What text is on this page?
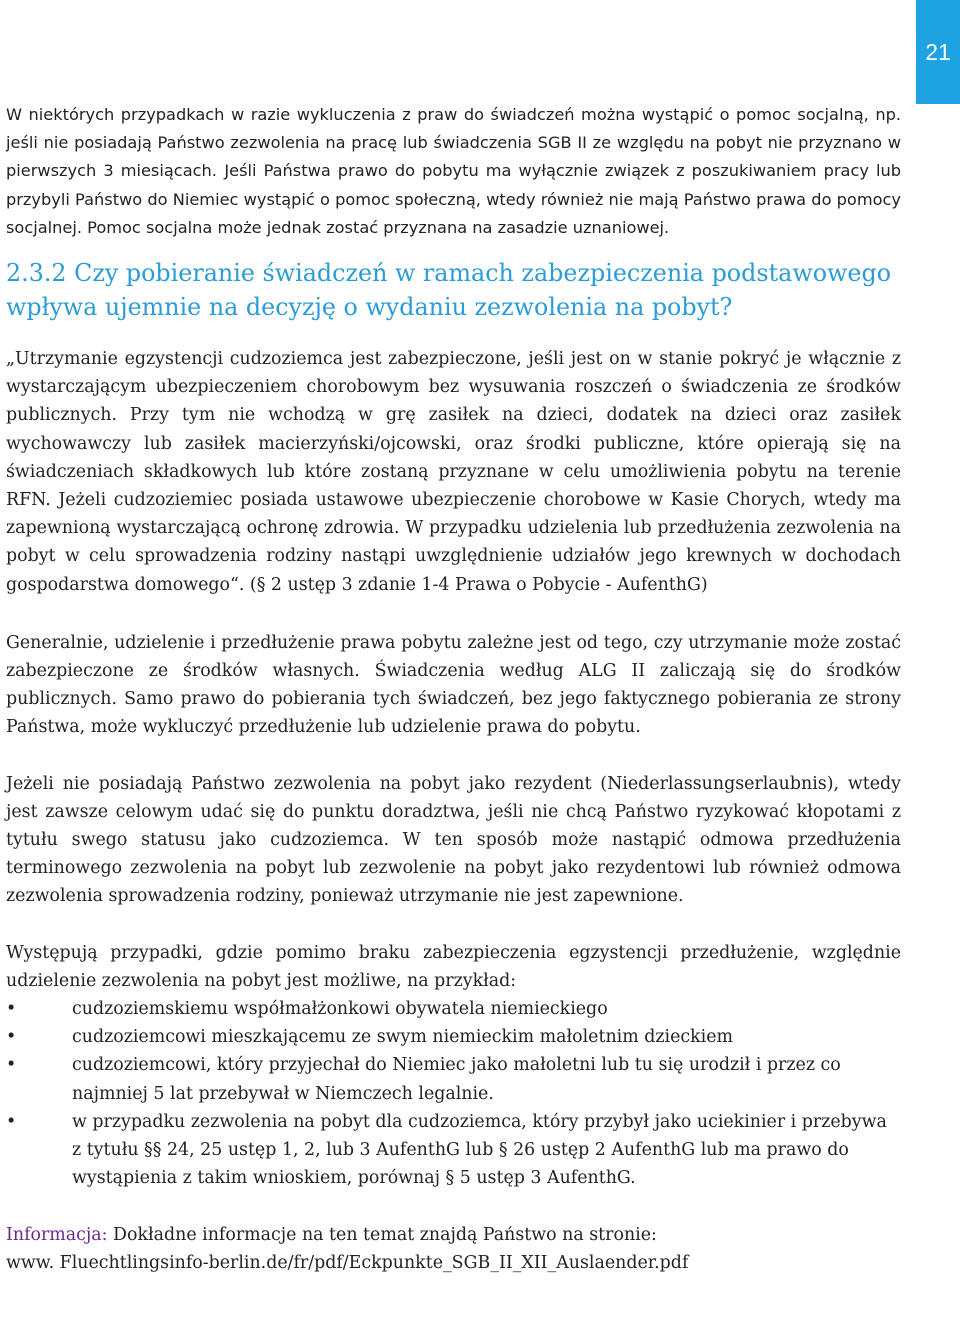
21

W niektórych przypadkach w razie wykluczenia z praw do świadczeń można wystąpić o pomoc socjalną, np. jeśli nie posiadają Państwo zezwolenia na pracę lub świadczenia SGB II ze względu na pobyt nie przyznano w pierwszych 3 miesiącach. Jeśli Państwa prawo do pobytu ma wyłącznie związek z poszukiwaniem pracy lub przybyli Państwo do Niemiec wystąpić o pomoc społeczną, wtedy również nie mają Państwo prawa do pomocy socjalnej. Pomoc socjalna może jednak zostać przyznana na zasadzie uznaniowej.

2.3.2 Czy pobieranie świadczeń w ramach zabezpieczenia podstawowego wpływa ujemnie na decyzję o wydaniu zezwolenia na pobyt?

„Utrzymanie egzystencji cudzoziemca jest zabezpieczone, jeśli jest on w stanie pokryć je włącznie z wystarczającym ubezpieczeniem chorobowym bez wysuwania roszczeń o świadczenia ze środków publicznych. Przy tym nie wchodzą w grę zasiłek na dzieci, dodatek na dzieci oraz zasiłek wychowawczy lub zasiłek macierzyński/ojcowski, oraz środki publiczne, które opierają się na świadczeniach składkowych lub które zostaną przyznane w celu umożliwienia pobytu na terenie RFN. Jeżeli cudzoziemiec posiada ustawowe ubezpieczenie chorobowe w Kasie Chorych, wtedy ma zapewnioną wystarczającą ochronę zdrowia. W przypadku udzielenia lub przedłużenia zezwolenia na pobyt w celu sprowadzenia rodziny nastąpi uwzględnienie udziałów jego krewnych w dochodach gospodarstwa domowego“. (§ 2 ustęp 3 zdanie 1-4 Prawa o Pobycie - AufenthG)

Generalnie, udzielenie i przedłużenie prawa pobytu zależne jest od tego, czy utrzymanie może zostać zabezpieczone ze środków własnych. Świadczenia według ALG II zaliczają się do środków publicznych. Samo prawo do pobierania tych świadczeń, bez jego faktycznego pobierania ze strony Państwa, może wykluczyć przedłużenie lub udzielenie prawa do pobytu.

Jeżeli nie posiadają Państwo zezwolenia na pobyt jako rezydent (Niederlassungserlaubnis), wtedy jest zawsze celowym udać się do punktu doradztwa, jeśli nie chcą Państwo ryzykować kłopotami z tytułu swego statusu jako cudzoziemca. W ten sposób może nastąpić odmowa przedłużenia terminowego zezwolenia na pobyt lub zezwolenie na pobyt jako rezydentowi lub również odmowa zezwolenia sprowadzenia rodziny, ponieważ utrzymanie nie jest zapewnione.

Występują przypadki, gdzie pomimo braku zabezpieczenia egzystencji przedłużenie, względnie udzielenie zezwolenia na pobyt jest możliwe, na przykład:

•	cudzoziemskiemu współmałżonkowi obywatela niemieckiego
•	cudzoziemcowi mieszkającemu ze swym niemieckim małoletnim dzieckiem
•	cudzoziemcowi, który przyjechał do Niemiec jako małoletni lub tu się urodził i przez co najmniej 5 lat przebywał w Niemczech legalnie.
•	w przypadku zezwolenia na pobyt dla cudzoziemca, który przybył jako uciekinier i przebywa z tytułu §§ 24, 25 ustęp 1, 2, lub 3 AufenthG lub § 26 ustęp 2 AufenthG lub ma prawo do wystąpienia z takim wnioskiem, porównaj § 5 ustęp 3 AufenthG.
Informacja: Dokładne informacje na ten temat znajdą Państwo na stronie:
www. Fluechtlingsinfo-berlin.de/fr/pdf/Eckpunkte_SGB_II_XII_Auslaender.pdf
